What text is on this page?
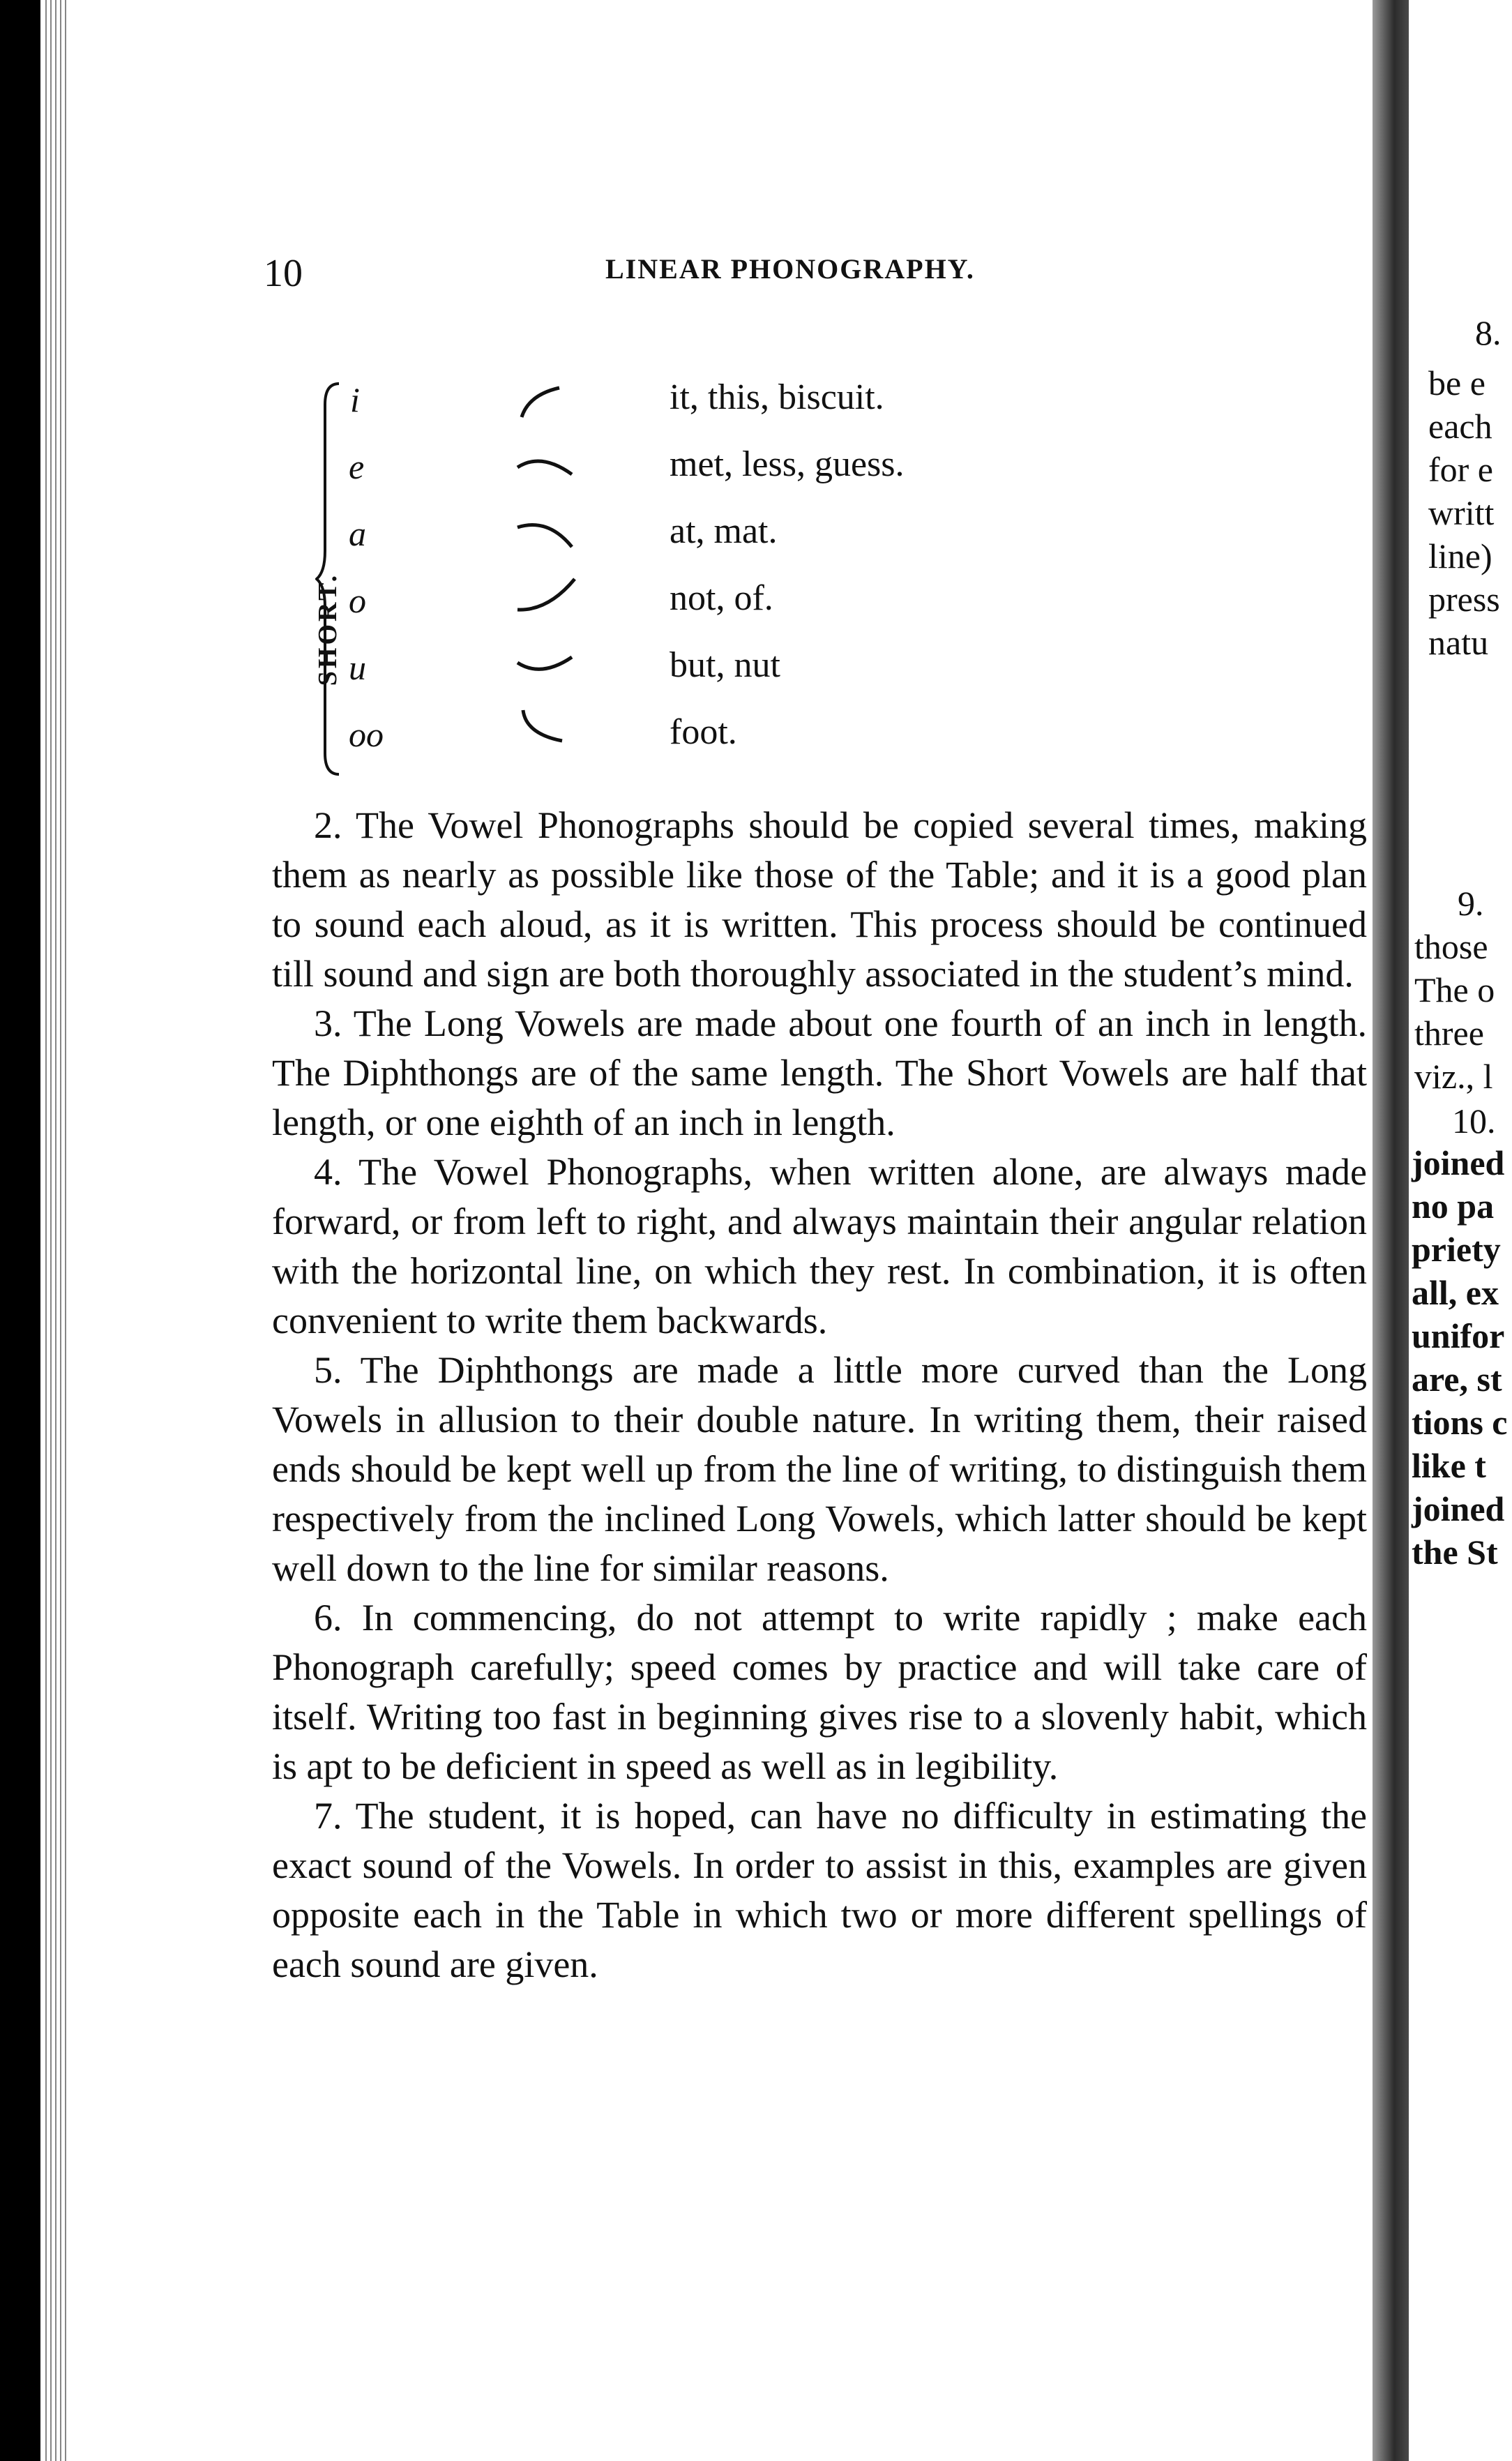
10	LINEAR PHONOGRAPHY.
SHORT.
i
e
a
o
u
oo
it, this, biscuit.
met, less, guess.
at, mat.
not, of.
but, nut
foot.

2. The Vowel Phonographs should be copied several times, making them as nearly as possible like those of the Table; and it is a good plan to sound each aloud, as it is written. This process should be continued till sound and sign are both thoroughly associated in the student’s mind.

3. The Long Vowels are made about one fourth of an inch in length. The Diphthongs are of the same length. The Short Vowels are half that length, or one eighth of an inch in length.

4. The Vowel Phonographs, when written alone, are always made forward, or from left to right, and always maintain their angular relation with the horizontal line, on which they rest. In combination, it is often convenient to write them backwards.

5. The Diphthongs are made a little more curved than the Long Vowels in allusion to their double nature. In writing them, their raised ends should be kept well up from the line of writing, to distinguish them respectively from the inclined Long Vowels, which latter should be kept well down to the line for similar reasons.

6. In commencing, do not attempt to write rapidly ; make each Phonograph carefully; speed comes by practice and will take care of itself. Writing too fast in beginning gives rise to a slovenly habit, which is apt to be deficient in speed as well as in legibility.

7. The student, it is hoped, can have no difficulty in estimating the exact sound of the Vowels. In order to assist in this, examples are given opposite each in the Table in which two or more different spellings of each sound are given.

8.
be e
each
for e
writt
line)
press
natu
9.
those
The o
three
viz., l
10.
joined
no pa
priety
all, ex
unifor
are, st
tions c
like t
joined
the St
